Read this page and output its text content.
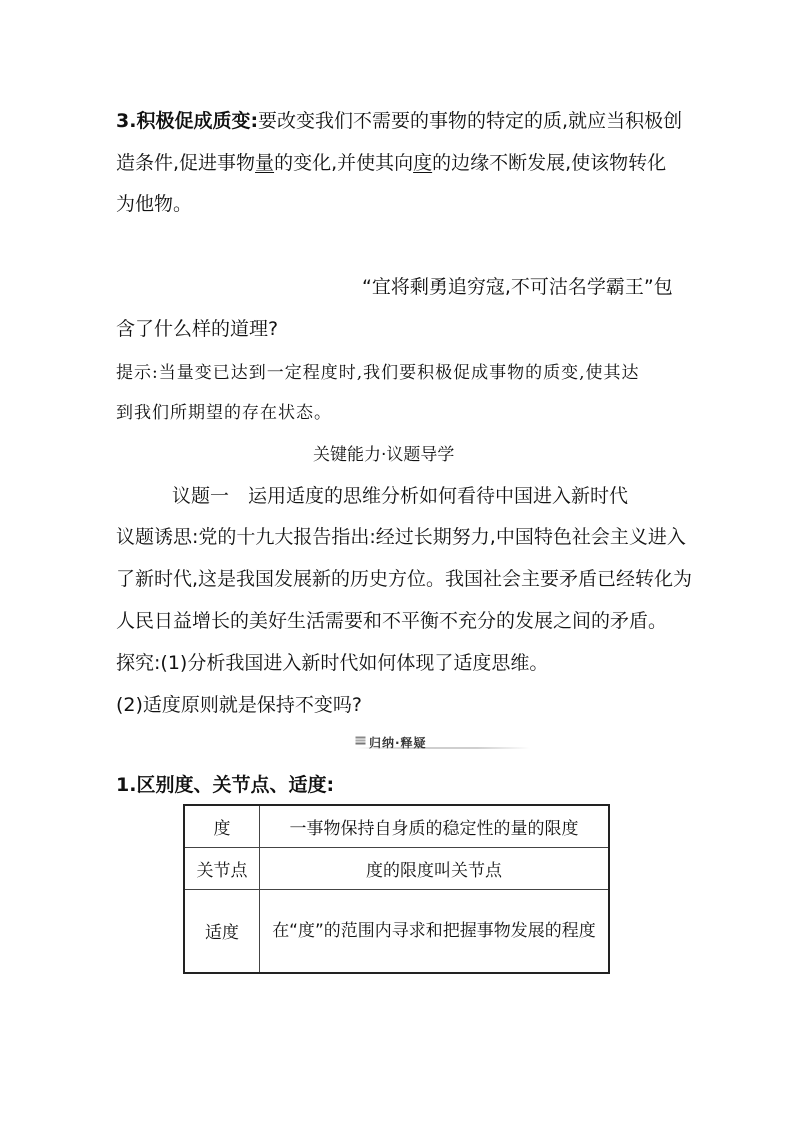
3.积极促成质变:要改变我们不需要的事物的特定的质,就应当积极创
造条件,促进事物量的变化,并使其向度的边缘不断发展,使该物转化
为他物。
“宜将剩勇追穷寇,不可沽名学霸王”包
含了什么样的道理?
提示:当量变已达到一定程度时,我们要积极促成事物的质变,使其达
到我们所期望的存在状态。
关键能力·议题导学
议题一　运用适度的思维分析如何看待中国进入新时代
议题诱思:党的十九大报告指出:经过长期努力,中国特色社会主义进入
了新时代,这是我国发展新的历史方位。我国社会主要矛盾已经转化为
人民日益增长的美好生活需要和不平衡不充分的发展之间的矛盾。
探究:(1)分析我国进入新时代如何体现了适度思维。
(2)适度原则就是保持不变吗?
归纳·释疑
1.区别度、关节点、适度:
度	一事物保持自身质的稳定性的量的限度
关节点	度的限度叫关节点
适度	在“度”的范围内寻求和把握事物发展的程度
